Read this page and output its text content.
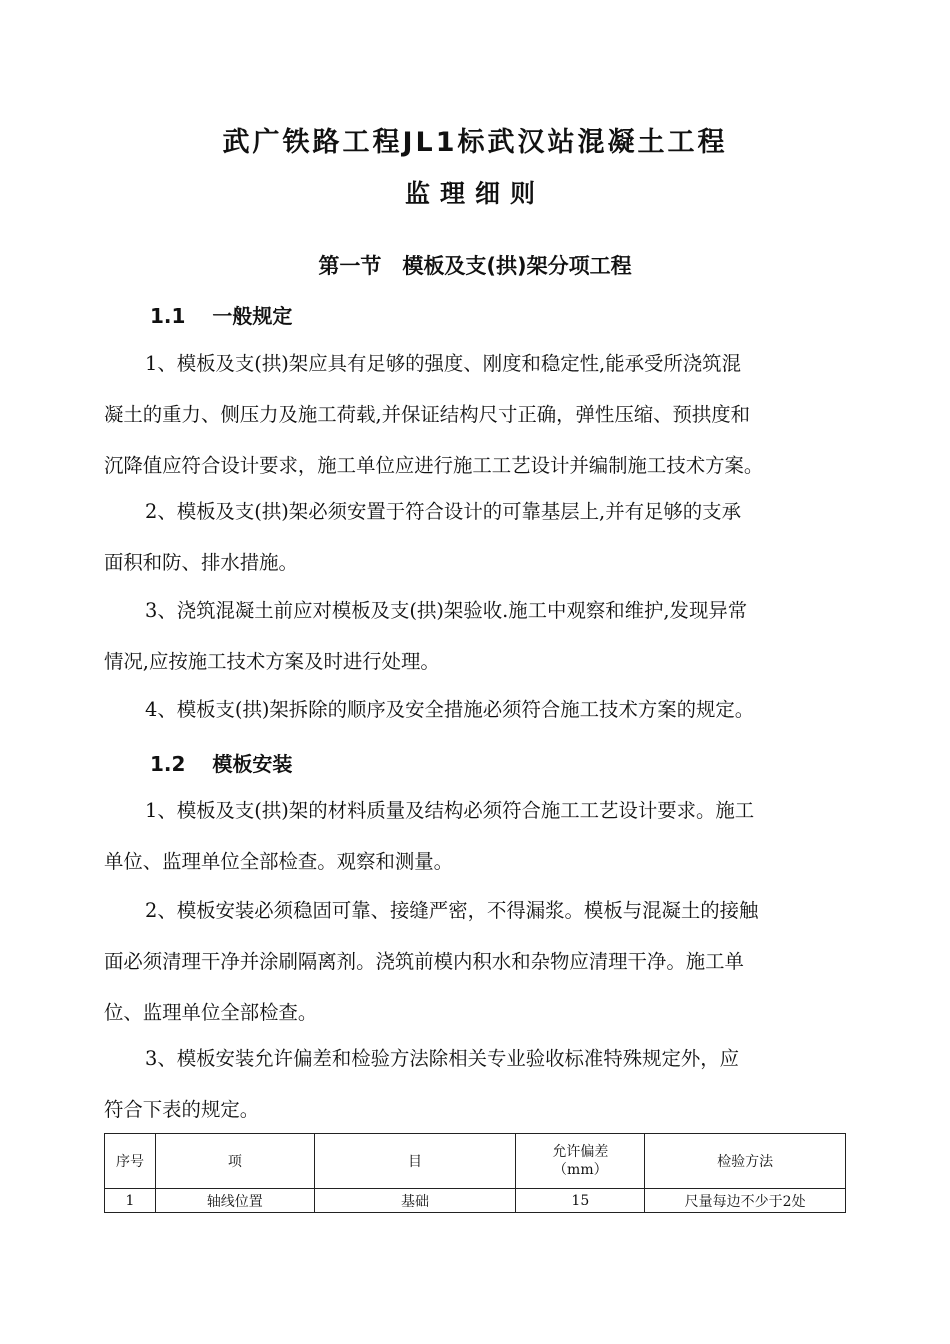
武广铁路工程JL1标武汉站混凝土工程
监理细则
第一节　模板及支(拱)架分项工程
1.1　 一般规定
1、模板及支(拱)架应具有足够的强度、刚度和稳定性,能承受所浇筑混
凝土的重力、侧压力及施工荷载,并保证结构尺寸正确，弹性压缩、预拱度和
沉降值应符合设计要求，施工单位应进行施工工艺设计并编制施工技术方案。
2、模板及支(拱)架必须安置于符合设计的可靠基层上,并有足够的支承
面积和防、排水措施。
3、浇筑混凝土前应对模板及支(拱)架验收.施工中观察和维护,发现异常
情况,应按施工技术方案及时进行处理。
4、模板支(拱)架拆除的顺序及安全措施必须符合施工技术方案的规定。
1.2　 模板安装
1、模板及支(拱)架的材料质量及结构必须符合施工工艺设计要求。施工
单位、监理单位全部检查。观察和测量。
2、模板安装必须稳固可靠、接缝严密，不得漏浆。模板与混凝土的接触
面必须清理干净并涂刷隔离剂。浇筑前模内积水和杂物应清理干净。施工单
位、监理单位全部检查。
3、模板安装允许偏差和检验方法除相关专业验收标准特殊规定外，应
符合下表的规定。
序号	项	目	允许偏差
（mm）	检验方法
1	轴线位置	基础	15	尺量每边不少于2处
